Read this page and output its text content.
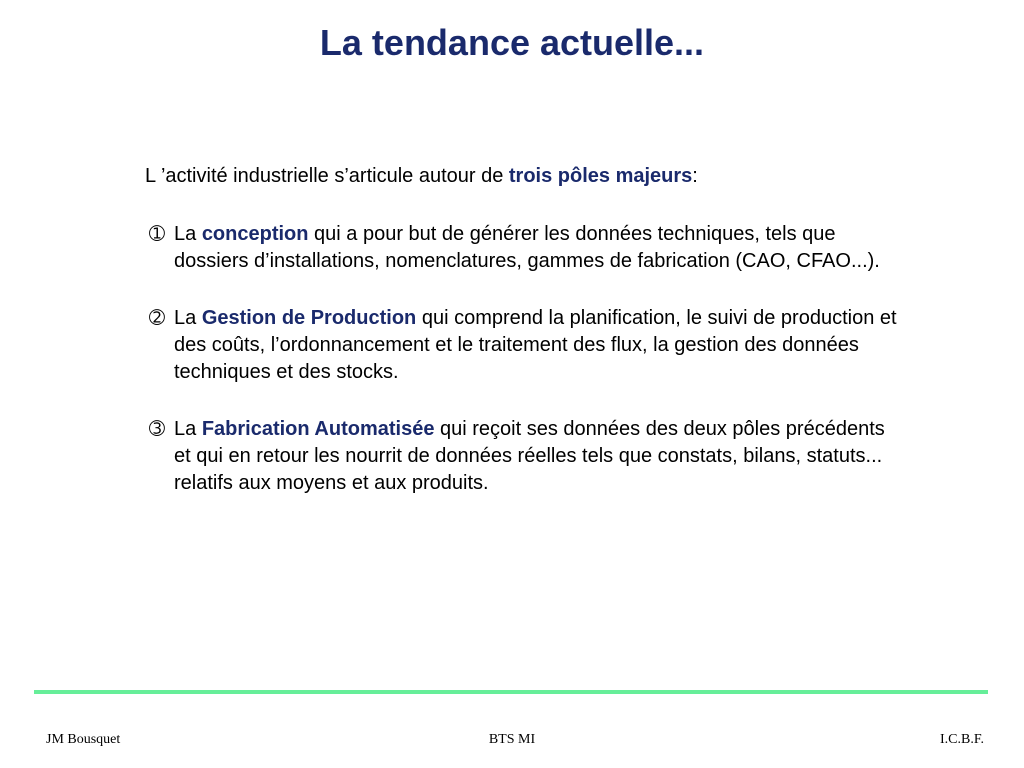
La tendance actuelle...

L ’activité industrielle s’articule autour de trois pôles majeurs:

➀ La conception qui a pour but de générer les données techniques, tels que dossiers d’installations, nomenclatures, gammes de fabrication (CAO, CFAO...).
➁ La Gestion de Production qui comprend la planification, le suivi de production et des coûts, l’ordonnancement et le traitement des flux, la gestion des données techniques et des stocks.
➂ La Fabrication Automatisée qui reçoit ses données des deux pôles précédents et qui en retour les nourrit de données réelles tels que constats, bilans, statuts... relatifs aux moyens et aux produits.
JM Bousquet	BTS MI	I.C.B.F.
